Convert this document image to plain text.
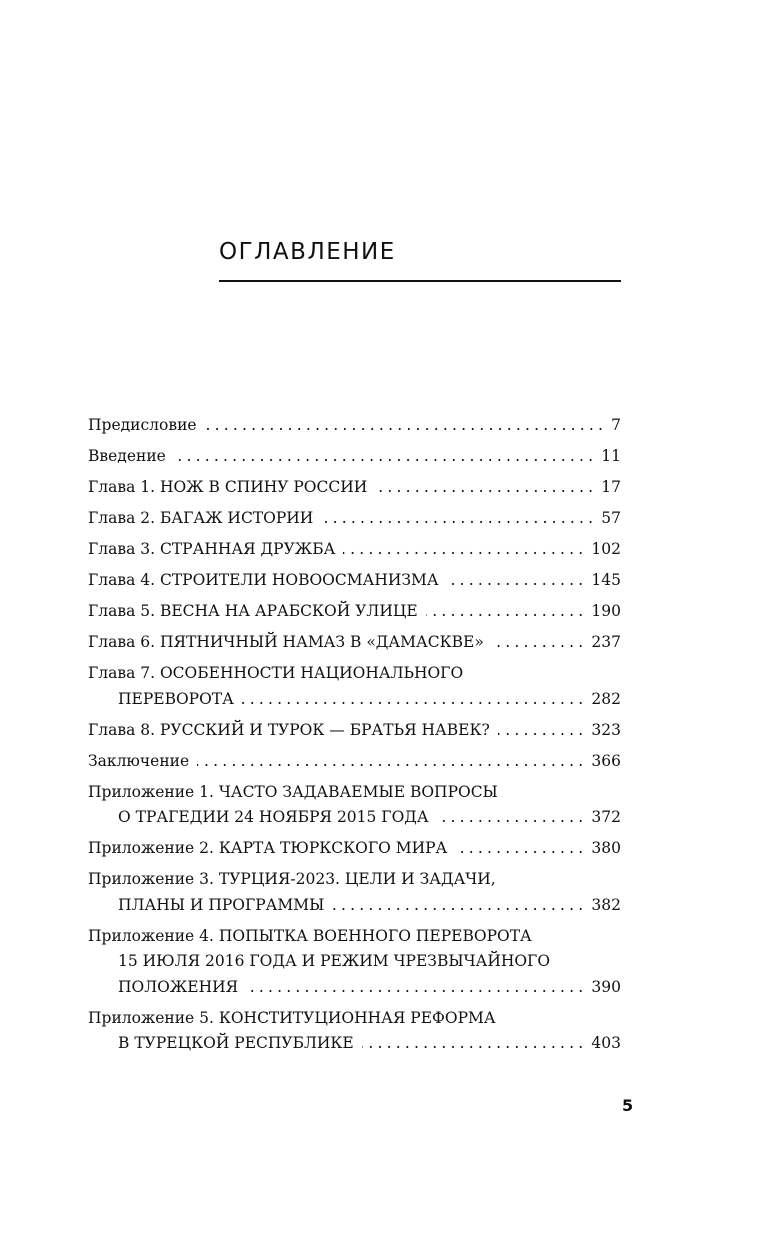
ОГЛАВЛЕНИЕ
Предисловие .....	7
Введение .....	11
Глава 1. НОЖ В СПИНУ РОССИИ .....	17
Глава 2. БАГАЖ ИСТОРИИ .....	57
Глава 3. СТРАННАЯ ДРУЖБА .....	102
Глава 4. СТРОИТЕЛИ НОВООСМАНИЗМА .....	145
Глава 5. ВЕСНА НА АРАБСКОЙ УЛИЦЕ .....	190
Глава 6. ПЯТНИЧНЫЙ НАМАЗ В «ДАМАСКВЕ» .....	237
Глава 7. ОСОБЕННОСТИ НАЦИОНАЛЬНОГО
ПЕРЕВОРОТА .....	282
Глава 8. РУССКИЙ И ТУРОК — БРАТЬЯ НАВЕК? .....	323
Заключение .....	366
Приложение 1. ЧАСТО ЗАДАВАЕМЫЕ ВОПРОСЫ
О ТРАГЕДИИ 24 НОЯБРЯ 2015 ГОДА .....	372
Приложение 2. КАРТА ТЮРКСКОГО МИРА .....	380
Приложение 3. ТУРЦИЯ-2023. ЦЕЛИ И ЗАДАЧИ,
ПЛАНЫ И ПРОГРАММЫ .....	382
Приложение 4. ПОПЫТКА ВОЕННОГО ПЕРЕВОРОТА
15 ИЮЛЯ 2016 ГОДА И РЕЖИМ ЧРЕЗВЫЧАЙНОГО
ПОЛОЖЕНИЯ .....	390
Приложение 5. КОНСТИТУЦИОННАЯ РЕФОРМА
В ТУРЕЦКОЙ РЕСПУБЛИКЕ .....	403
5
